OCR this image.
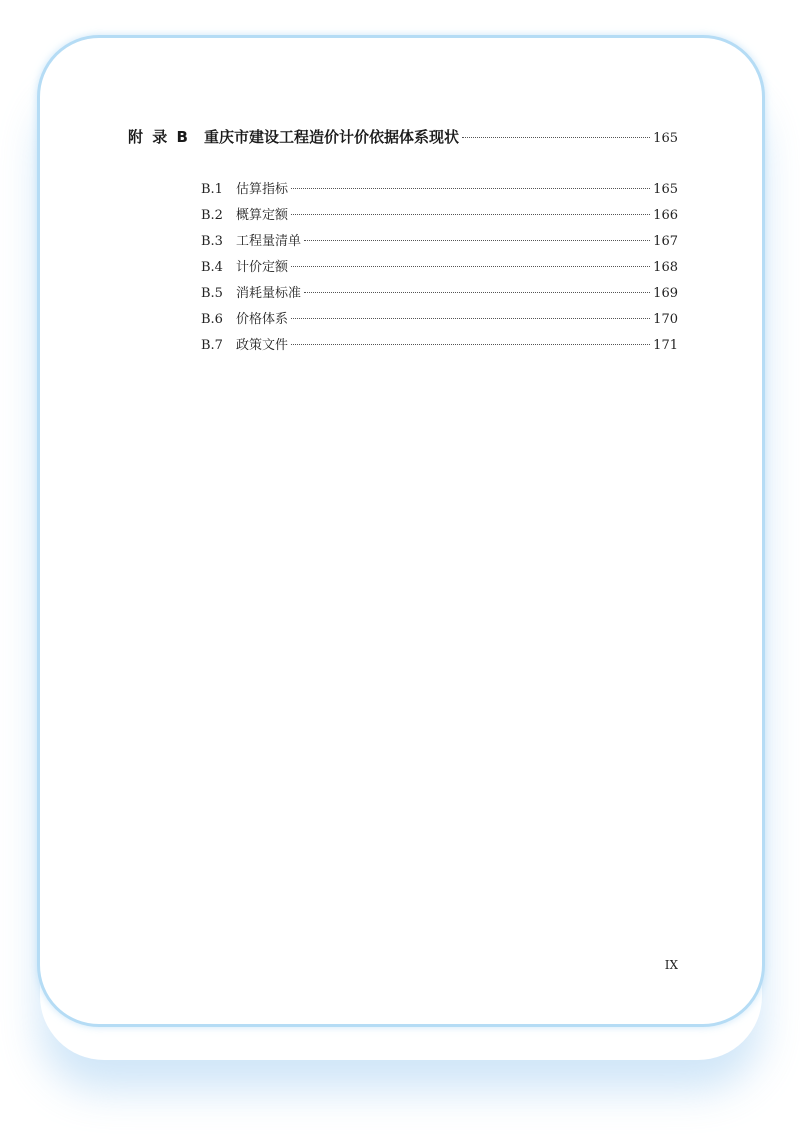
附 录 B 重庆市建设工程造价计价依据体系现状	165
B.1	估算指标	165
B.2	概算定额	166
B.3	工程量清单	167
B.4	计价定额	168
B.5	消耗量标准	169
B.6	价格体系	170
B.7	政策文件	171
IX
